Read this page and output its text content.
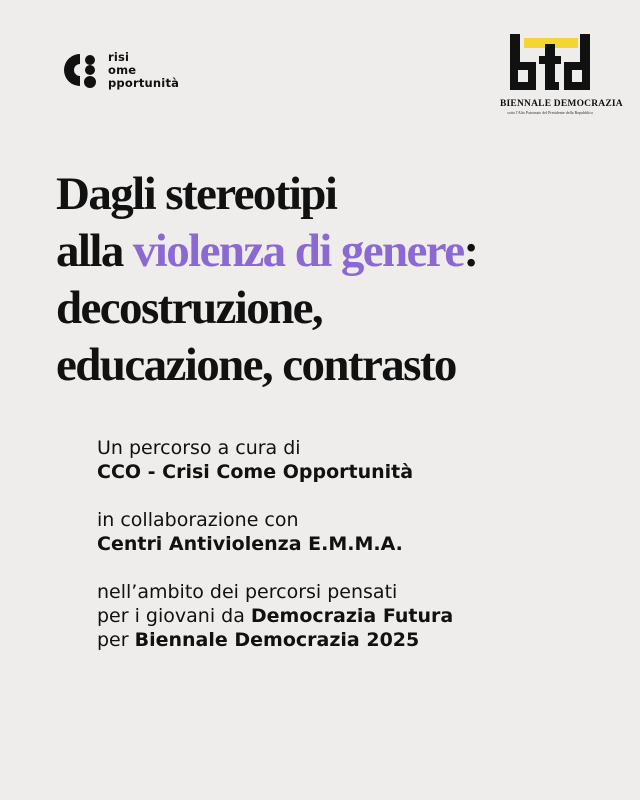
risi
ome
pportunità
BIENNALE DEMOCRAZIA
sotto l'Alto Patronato del Presidente della Repubblica
Dagli stereotipi
alla violenza di genere:
decostruzione,
educazione, contrasto

Un percorso a cura di
CCO - Crisi Come Opportunità

in collaborazione con
Centri Antiviolenza E.M.M.A.

nell’ambito dei percorsi pensati
per i giovani da Democrazia Futura
per Biennale Democrazia 2025
